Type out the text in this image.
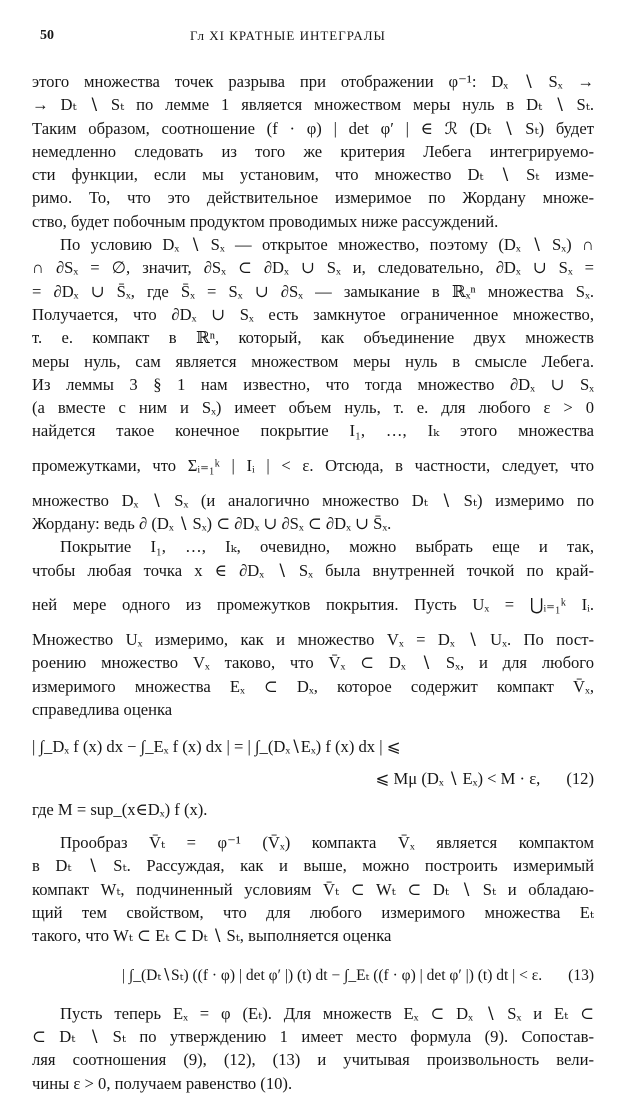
50	Гл XI КРАТНЫЕ ИНТЕГРАЛЫ
этого множества точек разрыва при отображении φ⁻¹: Dₓ ∖ Sₓ →
→ Dₜ ∖ Sₜ по лемме 1 является множеством меры нуль в Dₜ ∖ Sₜ.
Таким образом, соотношение (f · φ) | det φ′ | ∈ ℛ (Dₜ ∖ Sₜ) будет
немедленно следовать из того же критерия Лебега интегрируемо-
сти функции, если мы установим, что множество Dₜ ∖ Sₜ изме-
римо. То, что это действительное измеримое по Жордану множе-
ство, будет побочным продуктом проводимых ниже рассуждений.
По условию Dₓ ∖ Sₓ — открытое множество, поэтому (Dₓ ∖ Sₓ) ∩
∩ ∂Sₓ = ∅, значит, ∂Sₓ ⊂ ∂Dₓ ∪ Sₓ и, следовательно, ∂Dₓ ∪ Sₓ =
= ∂Dₓ ∪ S̄ₓ, где S̄ₓ = Sₓ ∪ ∂Sₓ — замыкание в ℝₓⁿ множества Sₓ.
Получается, что ∂Dₓ ∪ Sₓ есть замкнутое ограниченное множество,
т. е. компакт в ℝⁿ, который, как объединение двух множеств
меры нуль, сам является множеством меры нуль в смысле Лебега.
Из леммы 3 § 1 нам известно, что тогда множество ∂Dₓ ∪ Sₓ
(а вместе с ним и Sₓ) имеет объем нуль, т. е. для любого ε > 0
найдется такое конечное покрытие I₁, …, Iₖ этого множества
промежутками, что Σᵢ₌₁ᵏ | Iᵢ | < ε. Отсюда, в частности, следует, что
множество Dₓ ∖ Sₓ (и аналогично множество Dₜ ∖ Sₜ) измеримо по
Жордану: ведь ∂ (Dₓ ∖ Sₓ) ⊂ ∂Dₓ ∪ ∂Sₓ ⊂ ∂Dₓ ∪ S̄ₓ.
Покрытие I₁, …, Iₖ, очевидно, можно выбрать еще и так,
чтобы любая точка x ∈ ∂Dₓ ∖ Sₓ была внутренней точкой по край-
ней мере одного из промежутков покрытия. Пусть Uₓ = ⋃ᵢ₌₁ᵏ Iᵢ.
Множество Uₓ измеримо, как и множество Vₓ = Dₓ ∖ Uₓ. По пост-
роению множество Vₓ таково, что V̄ₓ ⊂ Dₓ ∖ Sₓ, и для любого
измеримого множества Eₓ ⊂ Dₓ, которое содержит компакт V̄ₓ,
справедлива оценка
| ∫_Dₓ f (x) dx − ∫_Eₓ f (x) dx | = | ∫_(Dₓ∖Eₓ) f (x) dx | ⩽
⩽ Mμ (Dₓ ∖ Eₓ) < M · ε, (12)
где M = sup_(x∈Dₓ) f (x).
Прообраз V̄ₜ = φ⁻¹ (V̄ₓ) компакта V̄ₓ является компактом
в Dₜ ∖ Sₜ. Рассуждая, как и выше, можно построить измеримый
компакт Wₜ, подчиненный условиям V̄ₜ ⊂ Wₜ ⊂ Dₜ ∖ Sₜ и обладаю-
щий тем свойством, что для любого измеримого множества Eₜ
такого, что Wₜ ⊂ Eₜ ⊂ Dₜ ∖ Sₜ, выполняется оценка
| ∫_(Dₜ∖Sₜ) ((f · φ) | det φ′ |) (t) dt − ∫_Eₜ ((f · φ) | det φ′ |) (t) dt | < ε. (13)
Пусть теперь Eₓ = φ (Eₜ). Для множеств Eₓ ⊂ Dₓ ∖ Sₓ и Eₜ ⊂
⊂ Dₜ ∖ Sₜ по утверждению 1 имеет место формула (9). Сопостав-
ляя соотношения (9), (12), (13) и учитывая произвольность вели-
чины ε > 0, получаем равенство (10).
